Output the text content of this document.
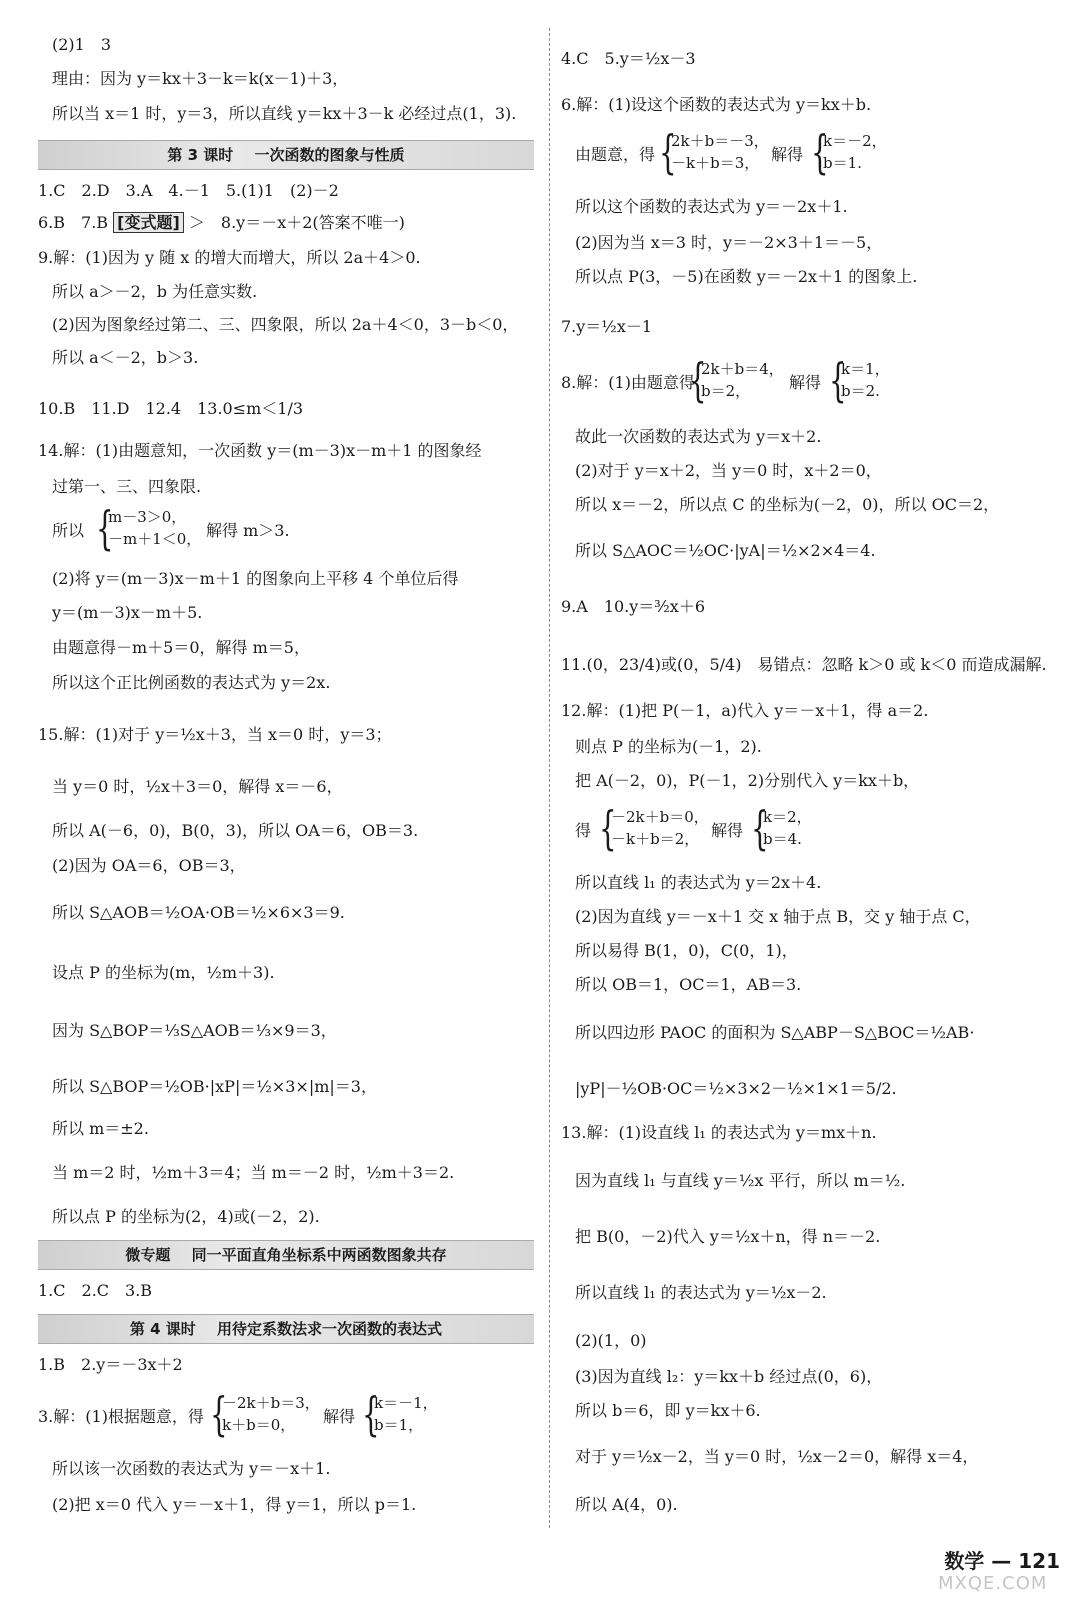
(2)1　3
理由：因为 y＝kx＋3－k＝k(x－1)＋3，
所以当 x＝1 时，y＝3，所以直线 y＝kx＋3－k 必经过点(1，3).
第 3 课时 一次函数的图象与性质
1.C　2.D　3.A　4.－1　5.(1)1　(2)－2
6.B　7.B [变式题] ＞　8.y＝－x＋2(答案不唯一)
9.解：(1)因为 y 随 x 的增大而增大，所以 2a＋4＞0.
所以 a＞－2，b 为任意实数.
(2)因为图象经过第二、三、四象限，所以 2a＋4＜0，3－b＜0，
所以 a＜－2，b＞3.
10.B　11.D　12.4　13.0≤m＜1/3
14.解：(1)由题意知，一次函数 y＝(m－3)x－m＋1 的图象经
过第一、三、四象限.
所以 {
m－3＞0，
－m＋1＜0， 解得 m＞3.
(2)将 y＝(m－3)x－m＋1 的图象向上平移 4 个单位后得
y＝(m－3)x－m＋5.
由题意得－m＋5＝0，解得 m＝5，
所以这个正比例函数的表达式为 y＝2x.
15.解：(1)对于 y＝½x＋3，当 x＝0 时，y＝3；
当 y＝0 时，½x＋3＝0，解得 x＝－6，
所以 A(－6，0)，B(0，3)，所以 OA＝6，OB＝3.
(2)因为 OA＝6，OB＝3，
所以 S△AOB＝½OA·OB＝½×6×3＝9.
设点 P 的坐标为(m，½m＋3).
因为 S△BOP＝⅓S△AOB＝⅓×9＝3，
所以 S△BOP＝½OB·|xP|＝½×3×|m|＝3，
所以 m＝±2.
当 m＝2 时，½m＋3＝4；当 m＝－2 时，½m＋3＝2.
所以点 P 的坐标为(2，4)或(－2，2).
微专题 同一平面直角坐标系中两函数图象共存
1.C　2.C　3.B
第 4 课时 用待定系数法求一次函数的表达式
1.B　2.y＝－3x＋2
3.解：(1)根据题意，得 {
－2k＋b＝3，
k＋b＝0，	解得 {
k＝－1，
b＝1，
所以该一次函数的表达式为 y＝－x＋1.
(2)把 x＝0 代入 y＝－x＋1，得 y＝1，所以 p＝1.
4.C　5.y＝½x－3
6.解：(1)设这个函数的表达式为 y＝kx＋b.
由题意，得 {
2k＋b＝－3，
－k＋b＝3， 解得 {
k＝－2，
b＝1.
所以这个函数的表达式为 y＝－2x＋1.
(2)因为当 x＝3 时，y＝－2×3＋1＝－5，
所以点 P(3，－5)在函数 y＝－2x＋1 的图象上.
7.y＝½x－1
8.解：(1)由题意得
{
2k＋b＝4，
b＝2，	解得 {
k＝1，
b＝2.
故此一次函数的表达式为 y＝x＋2.
(2)对于 y＝x＋2，当 y＝0 时，x＋2＝0，
所以 x＝－2，所以点 C 的坐标为(－2，0)，所以 OC＝2，
所以 S△AOC＝½OC·|yA|＝½×2×4＝4.
9.A　10.y＝³⁄₂x＋6
11.(0，23/4)或(0，5/4)　易错点：忽略 k＞0 或 k＜0 而造成漏解.
12.解：(1)把 P(－1，a)代入 y＝－x＋1，得 a＝2.
则点 P 的坐标为(－1，2).
把 A(－2，0)，P(－1，2)分别代入 y＝kx＋b，
得 {
－2k＋b＝0，
－k＋b＝2， 解得 {
k＝2，
b＝4.
所以直线 l₁ 的表达式为 y＝2x＋4.
(2)因为直线 y＝－x＋1 交 x 轴于点 B，交 y 轴于点 C，
所以易得 B(1，0)，C(0，1)，
所以 OB＝1，OC＝1，AB＝3.
所以四边形 PAOC 的面积为 S△ABP－S△BOC＝½AB·
|yP|－½OB·OC＝½×3×2－½×1×1＝5/2.
13.解：(1)设直线 l₁ 的表达式为 y＝mx＋n.
因为直线 l₁ 与直线 y＝½x 平行，所以 m＝½.
把 B(0，－2)代入 y＝½x＋n，得 n＝－2.
所以直线 l₁ 的表达式为 y＝½x－2.
(2)(1，0)
(3)因为直线 l₂：y＝kx＋b 经过点(0，6)，
所以 b＝6，即 y＝kx＋6.
对于 y＝½x－2，当 y＝0 时，½x－2＝0，解得 x＝4，
所以 A(4，0).
数学 — 121
MXQE.COM
